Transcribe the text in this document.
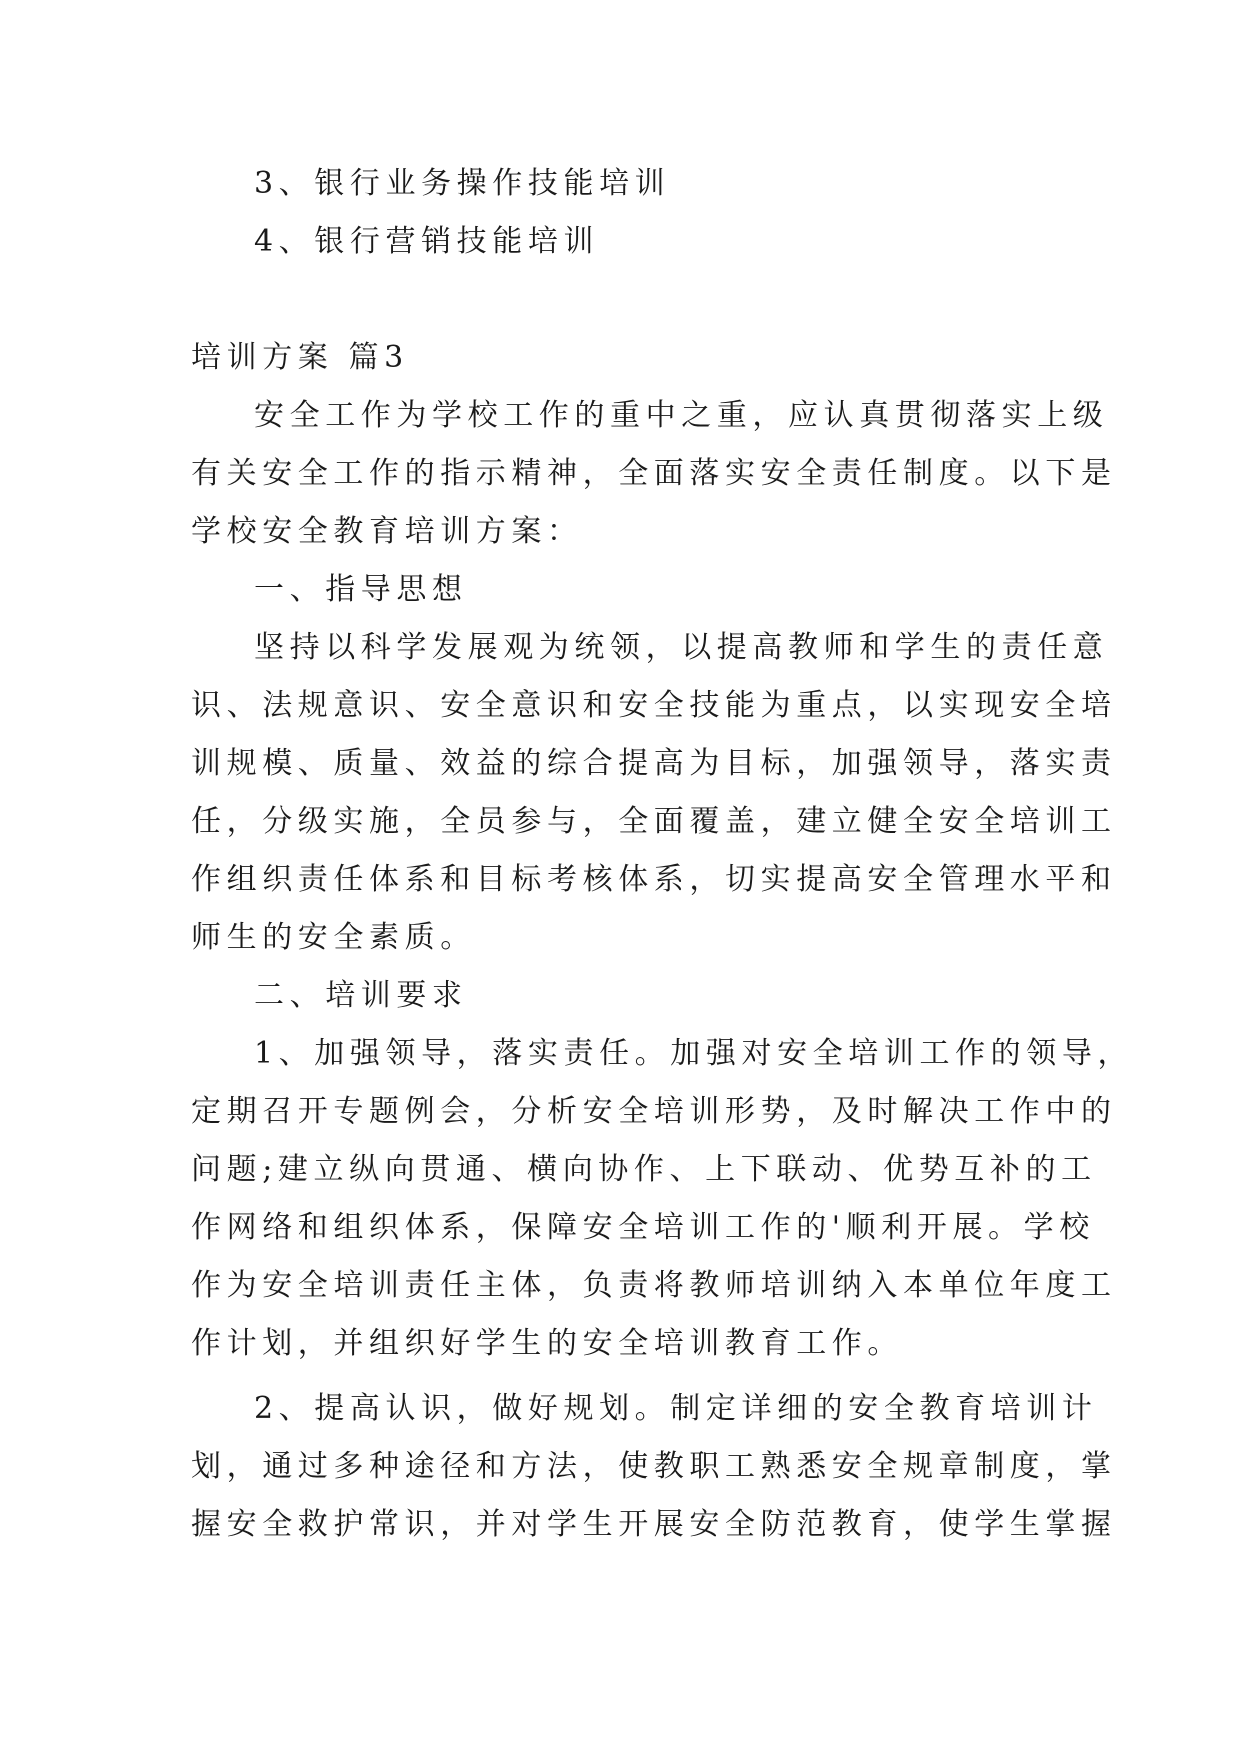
3、银行业务操作技能培训
4、银行营销技能培训
培训方案 篇3
安全工作为学校工作的重中之重，应认真贯彻落实上级
有关安全工作的指示精神，全面落实安全责任制度。以下是
学校安全教育培训方案：
一、指导思想
坚持以科学发展观为统领，以提高教师和学生的责任意
识、法规意识、安全意识和安全技能为重点，以实现安全培
训规模、质量、效益的综合提高为目标，加强领导，落实责
任，分级实施，全员参与，全面覆盖，建立健全安全培训工
作组织责任体系和目标考核体系，切实提高安全管理水平和
师生的安全素质。
二、培训要求
1、加强领导，落实责任。加强对安全培训工作的领导，
定期召开专题例会，分析安全培训形势，及时解决工作中的
问题;建立纵向贯通、横向协作、上下联动、优势互补的工
作网络和组织体系，保障安全培训工作的'顺利开展。学校
作为安全培训责任主体，负责将教师培训纳入本单位年度工
作计划，并组织好学生的安全培训教育工作。
2、提高认识，做好规划。制定详细的安全教育培训计
划，通过多种途径和方法，使教职工熟悉安全规章制度，掌
握安全救护常识，并对学生开展安全防范教育，使学生掌握
